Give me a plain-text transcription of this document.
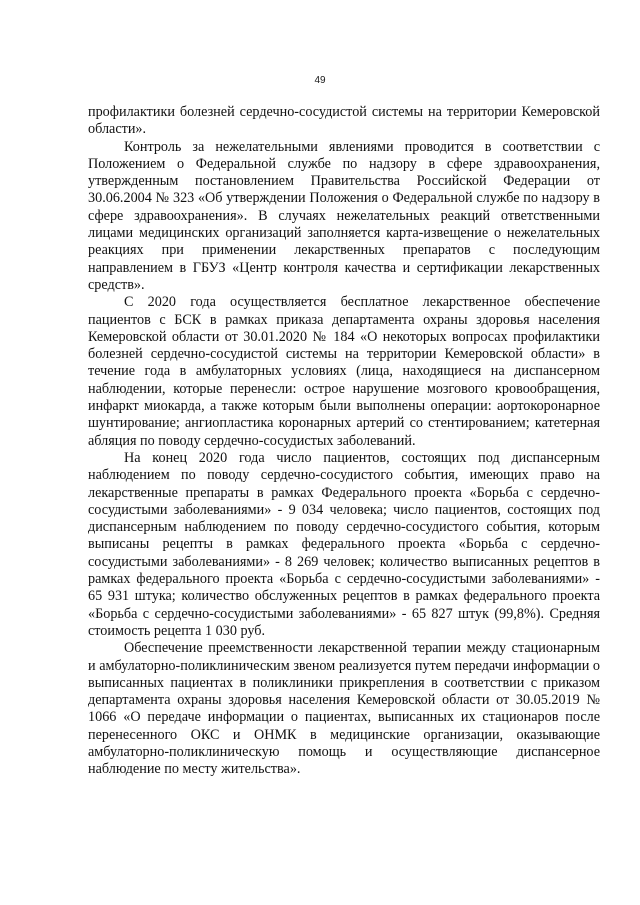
49

профилактики болезней сердечно-сосудистой системы на территории Кемеровской области».

Контроль за нежелательными явлениями проводится в соответствии с Положением о Федеральной службе по надзору в сфере здравоохранения, утвержденным постановлением Правительства Российской Федерации от 30.06.2004 № 323 «Об утверждении Положения о Федеральной службе по надзору в сфере здравоохранения». В случаях нежелательных реакций ответственными лицами медицинских организаций заполняется карта-извещение о нежелательных реакциях при применении лекарственных препаратов с последующим направлением в ГБУЗ «Центр контроля качества и сертификации лекарственных средств».

С 2020 года осуществляется бесплатное лекарственное обеспечение пациентов с БСК в рамках приказа департамента охраны здоровья населения Кемеровской области от 30.01.2020 № 184 «О некоторых вопросах профилактики болезней сердечно-сосудистой системы на территории Кемеровской области» в течение года в амбулаторных условиях (лица, находящиеся на диспансерном наблюдении, которые перенесли: острое нарушение мозгового кровообращения, инфаркт миокарда, а также которым были выполнены операции: аортокоронарное шунтирование; ангиопластика коронарных артерий со стентированием; катетерная абляция по поводу сердечно-сосудистых заболеваний.

На конец 2020 года число пациентов, состоящих под диспансерным наблюдением по поводу сердечно-сосудистого события, имеющих право на лекарственные препараты в рамках Федерального проекта «Борьба с сердечно-сосудистыми заболеваниями» - 9 034 человека; число пациентов, состоящих под диспансерным наблюдением по поводу сердечно-сосудистого события, которым выписаны рецепты в рамках федерального проекта «Борьба с сердечно-сосудистыми заболеваниями» - 8 269 человек; количество выписанных рецептов в рамках федерального проекта «Борьба с сердечно-сосудистыми заболеваниями» - 65 931 штука; количество обслуженных рецептов в рамках федерального проекта «Борьба с сердечно-сосудистыми заболеваниями» - 65 827 штук (99,8%). Средняя стоимость рецепта 1 030 руб.

Обеспечение преемственности лекарственной терапии между стационарным и амбулаторно-поликлиническим звеном реализуется путем передачи информации о выписанных пациентах в поликлиники прикрепления в соответствии с приказом департамента охраны здоровья населения Кемеровской области от 30.05.2019 № 1066 «О передаче информации о пациентах, выписанных их стационаров после перенесенного ОКС и ОНМК в медицинские организации, оказывающие амбулаторно-поликлиническую помощь и осуществляющие диспансерное наблюдение по месту жительства».
